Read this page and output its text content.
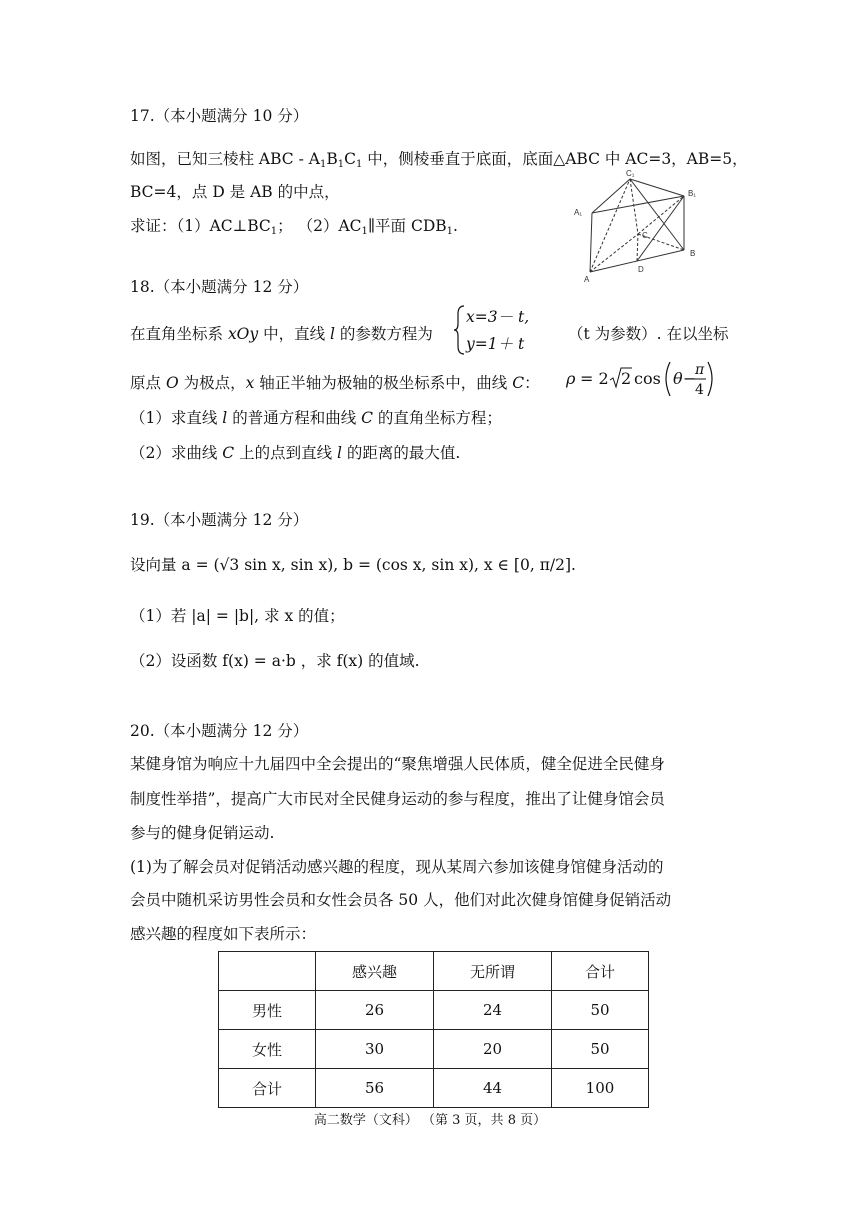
17.（本小题满分 10 分）
如图，已知三棱柱 ABC - $A_1B_1C_1$ 中，侧棱垂直于底面，底面△ABC 中 AC=3，AB=5，
BC=4，点 D 是 AB 的中点，
求证：$(1)AC\perp BC_1$； $(2)AC_1\parallel$平面 $CDB_1$.
C₁
B₁
A₁
C
B
A
D
18.（本小题满分 12 分）
在直角坐标系 xOy 中，直线 l 的参数方程为
x=3－ t,
y=1＋ t
（t 为参数）. 在以坐标
原点 O 为极点，x 轴正半轴为极轴的极坐标系中，曲线 C： ρ = 2 2 cos θ −
π
4
（1）求直线 l 的普通方程和曲线 C 的直角坐标方程；
（2）求曲线 C 上的点到直线 l 的距离的最大值.
19.（本小题满分 12 分）
设向量 a = (√3 sin x, sin x), b = (cos x, sin x), x ∈ [0, π/2].
（1）若 |a| = |b|, 求 x 的值；
（2）设函数 f(x) = a·b ，求 f(x) 的值域.
20.（本小题满分 12 分）
某健身馆为响应十九届四中全会提出的“聚焦增强人民体质，健全促进全民健身
制度性举措”，提高广大市民对全民健身运动的参与程度，推出了让健身馆会员
参与的健身促销运动.
(1)为了解会员对促销活动感兴趣的程度，现从某周六参加该健身馆健身活动的
会员中随机采访男性会员和女性会员各 50 人，他们对此次健身馆健身促销活动
感兴趣的程度如下表所示：
	感兴趣	无所谓	合计
男性	26	24	50
女性	30	20	50
合计	56	44	100
高二数学（文科） （第 3 页，共 8 页）
